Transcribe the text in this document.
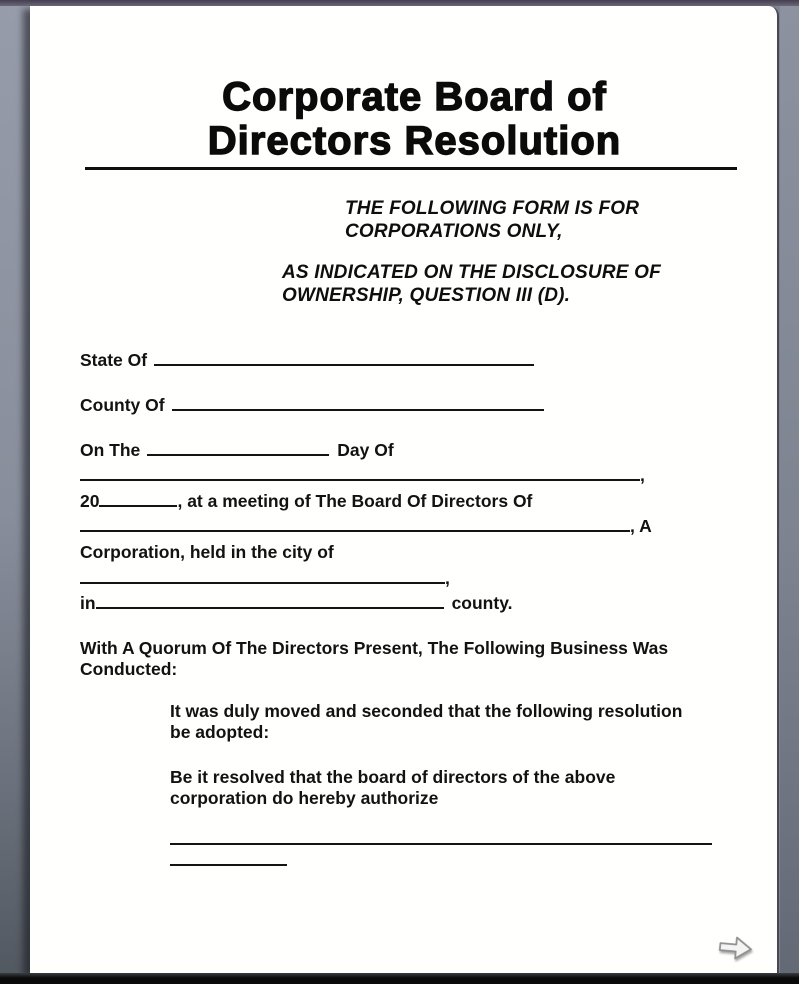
Corporate Board of
Directors Resolution

THE FOLLOWING FORM IS FOR
CORPORATIONS ONLY,

AS INDICATED ON THE DISCLOSURE OF
OWNERSHIP, QUESTION III (D).

State Of

County Of

On The	Day Of

,

20	, at a meeting of The Board Of Directors Of

, A

Corporation, held in the city of

,

in	county.

With A Quorum Of The Directors Present, The Following Business Was
Conducted:

It was duly moved and seconded that the following resolution
be adopted:

Be it resolved that the board of directors of the above
corporation do hereby authorize
